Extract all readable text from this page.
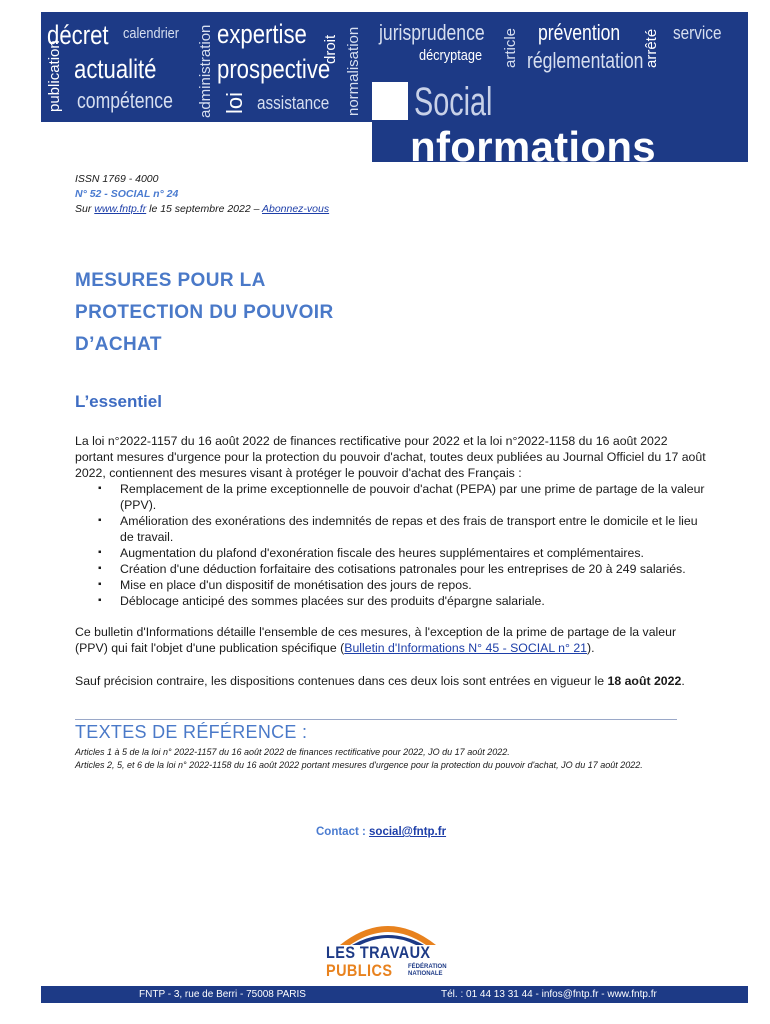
publication
décret calendrier administration expertise
droit normalisation jurisprudence
décryptage article prévention arrêté service
actualité prospective	réglementation
compétence loi assistance Social
nformations
ISSN 1769 - 4000
N° 52 - SOCIAL n° 24
Sur www.fntp.fr le 15 septembre 2022 – Abonnez-vous
MESURES POUR LA
PROTECTION DU POUVOIR
D’ACHAT
L’essentiel

La loi n°2022-1157 du 16 août 2022 de finances rectificative pour 2022 et la loi n°2022-1158 du 16 août 2022 portant mesures d'urgence pour la protection du pouvoir d'achat, toutes deux publiées au Journal Officiel du 17 août 2022, contiennent des mesures visant à protéger le pouvoir d'achat des Français :

▪ Remplacement de la prime exceptionnelle de pouvoir d'achat (PEPA) par une prime de partage de la valeur (PPV).
▪ Amélioration des exonérations des indemnités de repas et des frais de transport entre le domicile et le lieu de travail.
▪ Augmentation du plafond d'exonération fiscale des heures supplémentaires et complémentaires.
▪ Création d'une déduction forfaitaire des cotisations patronales pour les entreprises de 20 à 249 salariés.
▪ Mise en place d'un dispositif de monétisation des jours de repos.
▪ Déblocage anticipé des sommes placées sur des produits d'épargne salariale.

Ce bulletin d'Informations détaille l'ensemble de ces mesures, à l'exception de la prime de partage de la valeur (PPV) qui fait l'objet d'une publication spécifique (Bulletin d'Informations N° 45 - SOCIAL n° 21).

Sauf précision contraire, les dispositions contenues dans ces deux lois sont entrées en vigueur le 18 août 2022.

TEXTES DE RÉFÉRENCE :

Articles 1 à 5 de la loi n° 2022-1157 du 16 août 2022 de finances rectificative pour 2022, JO du 17 août 2022.

Articles 2, 5, et 6 de la loi n° 2022-1158 du 16 août 2022 portant mesures d'urgence pour la protection du pouvoir d'achat, JO du 17 août 2022.

Contact : social@fntp.fr
LES TRAVAUX
PUBLICS	FÉDÉRATION
NATIONALE
FNTP - 3, rue de Berri - 75008 PARIS	Tél. : 01 44 13 31 44 - infos@fntp.fr - www.fntp.fr
